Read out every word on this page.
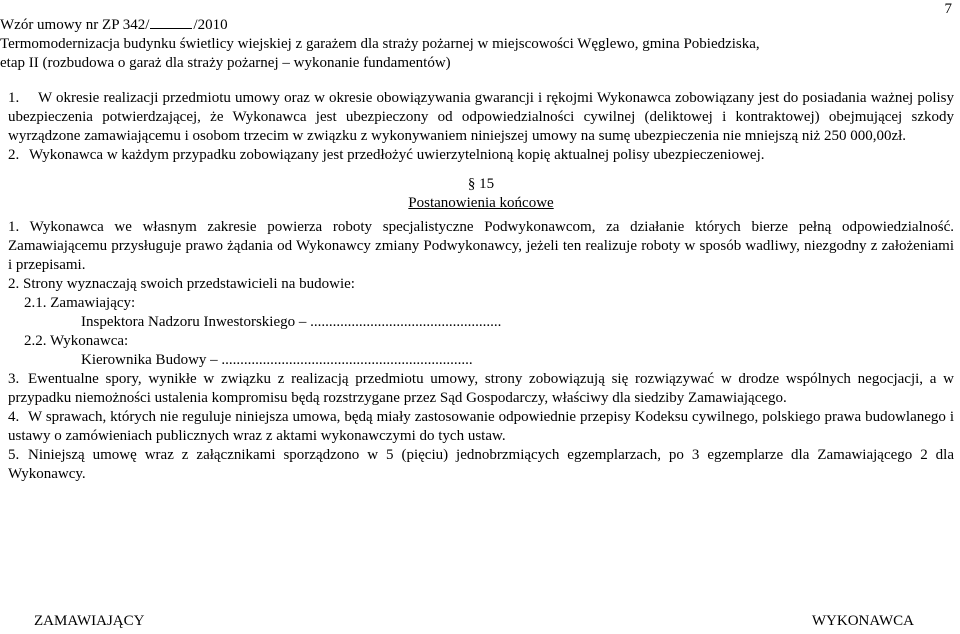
7
Wzór umowy nr ZP 342/	/2010
Termomodernizacja budynku świetlicy wiejskiej z garażem dla straży pożarnej w miejscowości Węglewo, gmina Pobiedziska,
etap II (rozbudowa o garaż dla straży pożarnej – wykonanie fundamentów)
1.	W okresie realizacji przedmiotu umowy oraz w okresie obowiązywania gwarancji i rękojmi Wykonawca zobowiązany jest do posiadania ważnej polisy ubezpieczenia potwierdzającej, że Wykonawca jest ubezpieczony od odpowiedzialności cywilnej (deliktowej i kontraktowej) obejmującej szkody wyrządzone zamawiającemu i osobom trzecim w związku z wykonywaniem niniejszej umowy na sumę ubezpieczenia nie mniejszą niż 250 000,00zł.

2. Wykonawca w każdym przypadku zobowiązany jest przedłożyć uwierzytelnioną kopię aktualnej polisy ubezpieczeniowej.

§ 15
Postanowienia końcowe

1. Wykonawca we własnym zakresie powierza roboty specjalistyczne Podwykonawcom, za działanie których bierze pełną odpowiedzialność. Zamawiającemu przysługuje prawo żądania od Wykonawcy zmiany Podwykonawcy, jeżeli ten realizuje roboty w sposób wadliwy, niezgodny z założeniami i przepisami.

2. Strony wyznaczają swoich przedstawicieli na budowie:

2.1. Zamawiający:
Inspektora Nadzoru Inwestorskiego – ...................................................
2.2. Wykonawca:
Kierownika Budowy – ...................................................................
3. Ewentualne spory, wynikłe w związku z realizacją przedmiotu umowy, strony zobowiązują się rozwiązywać w drodze wspólnych negocjacji, a w przypadku niemożności ustalenia kompromisu będą rozstrzygane przez Sąd Gospodarczy, właściwy dla siedziby Zamawiającego.

4. W sprawach, których nie reguluje niniejsza umowa, będą miały zastosowanie odpowiednie przepisy Kodeksu cywilnego, polskiego prawa budowlanego i ustawy o zamówieniach publicznych wraz z aktami wykonawczymi do tych ustaw.

5. Niniejszą umowę wraz z załącznikami sporządzono w 5 (pięciu) jednobrzmiących egzemplarzach, po 3 egzemplarze dla Zamawiającego 2 dla Wykonawcy.

ZAMAWIAJĄCY	WYKONAWCA
